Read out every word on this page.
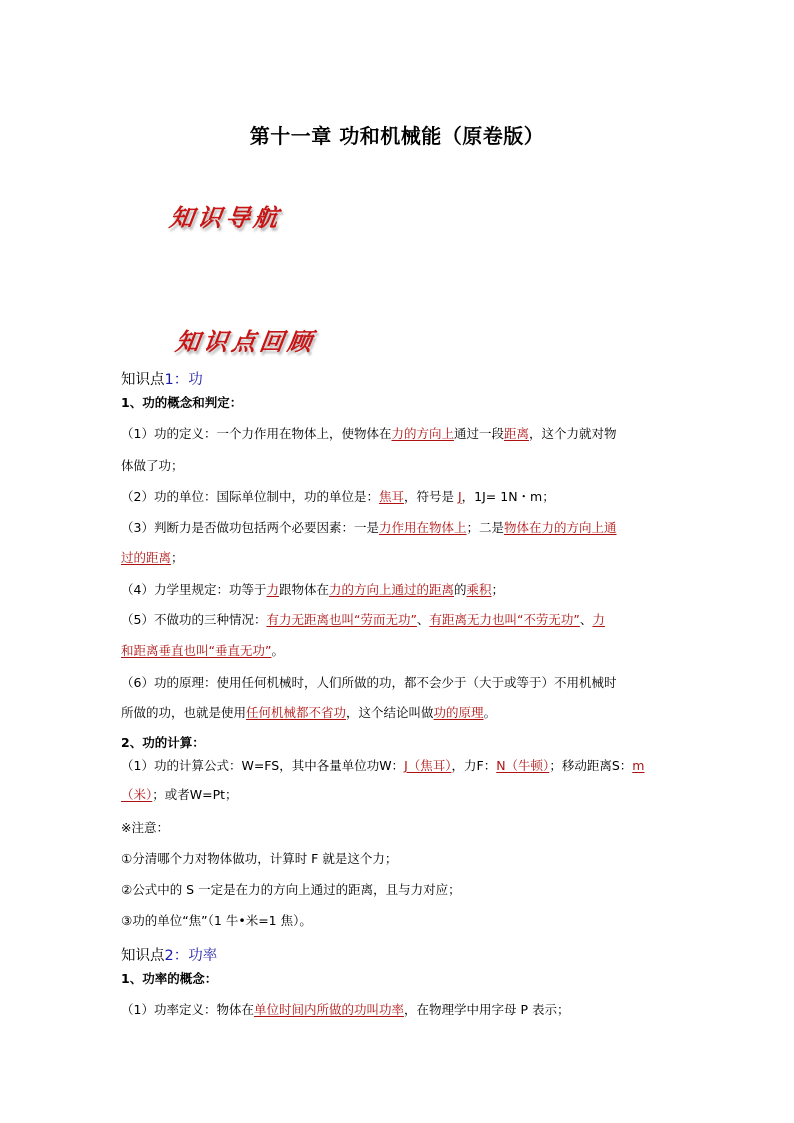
第十一章 功和机械能（原卷版）
知识导航
知识点回顾
知识点1：功
1、功的概念和判定：
（1）功的定义：一个力作用在物体上，使物体在力的方向上通过一段距离，这个力就对物
体做了功；
（2）功的单位：国际单位制中，功的单位是：焦耳，符号是 J，1J= 1N・m；
（3）判断力是否做功包括两个必要因素：一是力作用在物体上；二是物体在力的方向上通
过的距离；
（4）力学里规定：功等于力跟物体在力的方向上通过的距离的乘积；
（5）不做功的三种情况：有力无距离也叫“劳而无功”、有距离无力也叫“不劳无功”、力
和距离垂直也叫“垂直无功”。
（6）功的原理：使用任何机械时，人们所做的功，都不会少于（大于或等于）不用机械时
所做的功，也就是使用任何机械都不省功，这个结论叫做功的原理。
2、功的计算：
（1）功的计算公式：W=FS，其中各量单位功W：J（焦耳），力F：N（牛顿）；移动距离S：m
（米）；或者W=Pt；
※注意：
①分清哪个力对物体做功，计算时 F 就是这个力；
②公式中的 S 一定是在力的方向上通过的距离，且与力对应；
③功的单位“焦”（1 牛•米=1 焦）。
知识点2：功率
1、功率的概念：
（1）功率定义：物体在单位时间内所做的功叫功率，在物理学中用字母 P 表示；
